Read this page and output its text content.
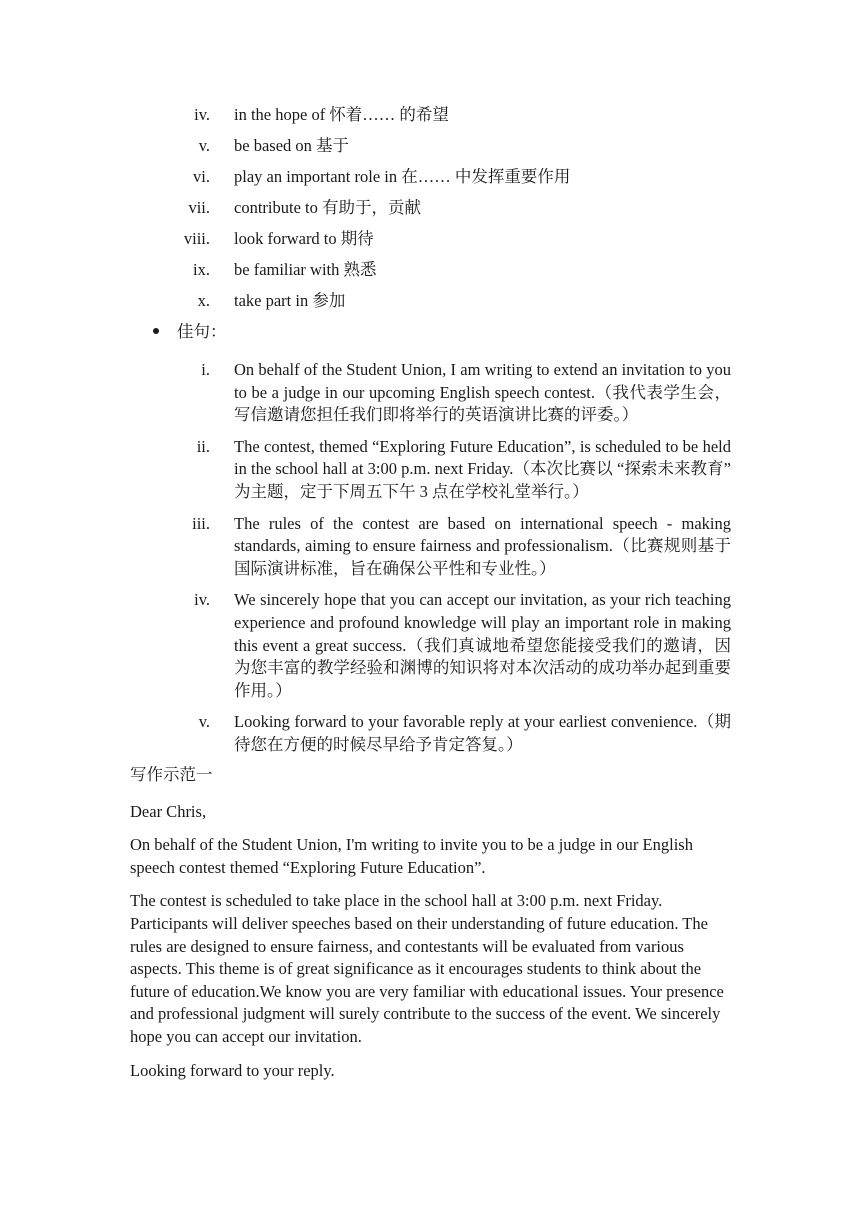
iv. in the hope of 怀着…… 的希望
v. be based on 基于
vi. play an important role in 在…… 中发挥重要作用
vii. contribute to 有助于，贡献
viii. look forward to 期待
ix. be familiar with 熟悉
x. take part in 参加
佳句：
i. On behalf of the Student Union, I am writing to extend an invitation to you to be a judge in our upcoming English speech contest.（我代表学生会，写信邀请您担任我们即将举行的英语演讲比赛的评委。）
ii. The contest, themed “Exploring Future Education”, is scheduled to be held in the school hall at 3:00 p.m. next Friday.（本次比赛以 “探索未来教育” 为主题，定于下周五下午 3 点在学校礼堂举行。）
iii. The rules of the contest are based on international speech - making standards, aiming to ensure fairness and professionalism.（比赛规则基于国际演讲标准，旨在确保公平性和专业性。）
iv. We sincerely hope that you can accept our invitation, as your rich teaching experience and profound knowledge will play an important role in making this event a great success.（我们真诚地希望您能接受我们的邀请，因为您丰富的教学经验和渊博的知识将对本次活动的成功举办起到重要作用。）
v. Looking forward to your favorable reply at your earliest convenience.（期待您在方便的时候尽早给予肯定答复。）

写作示范一

Dear Chris,

On behalf of the Student Union, I'm writing to invite you to be a judge in our English speech contest themed “Exploring Future Education”.

The contest is scheduled to take place in the school hall at 3:00 p.m. next Friday. Participants will deliver speeches based on their understanding of future education. The rules are designed to ensure fairness, and contestants will be evaluated from various aspects. This theme is of great significance as it encourages students to think about the future of education.We know you are very familiar with educational issues. Your presence and professional judgment will surely contribute to the success of the event. We sincerely hope you can accept our invitation.

Looking forward to your reply.
